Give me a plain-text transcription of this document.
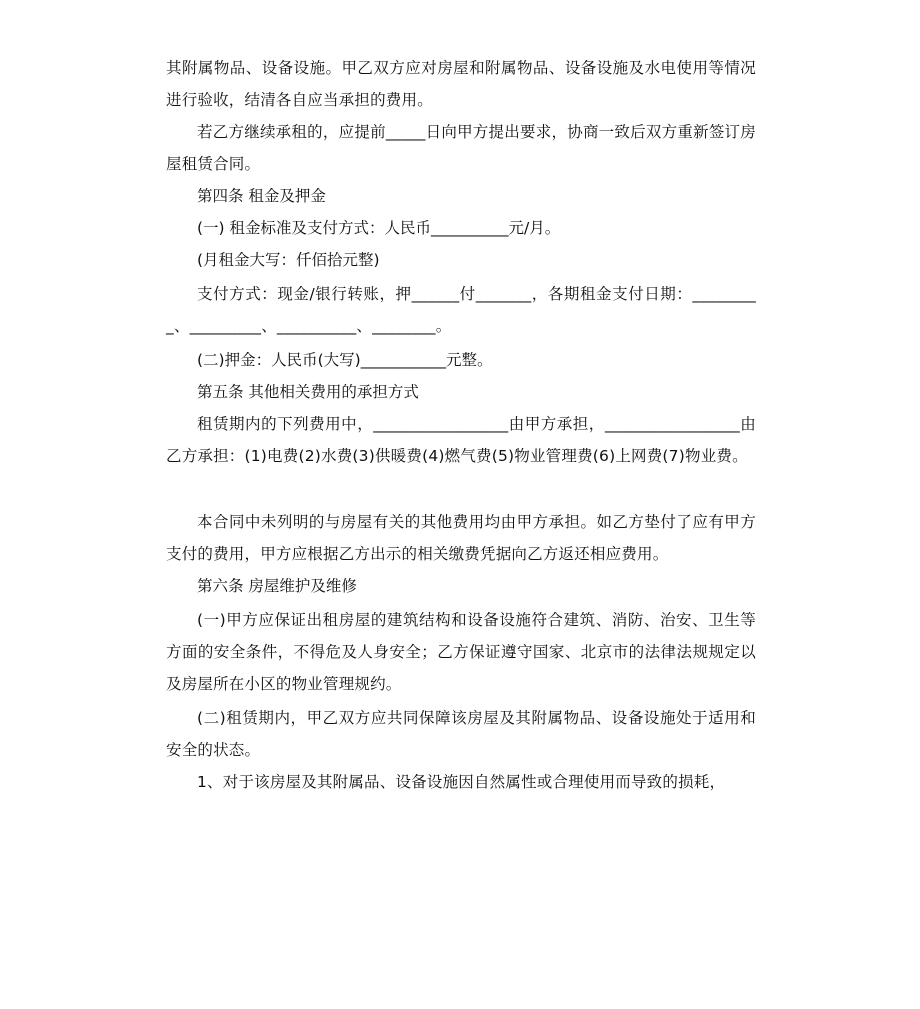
其附属物品、设备设施。甲乙双方应对房屋和附属物品、设备设施及水电使用等情况进行验收，结清各自应当承担的费用。

若乙方继续承租的，应提前_____日向甲方提出要求，协商一致后双方重新签订房屋租赁合同。

第四条 租金及押金

(一) 租金标准及支付方式：人民币__________元/月。

(月租金大写：仟佰拾元整)

支付方式：现金/银行转账，押______付_______，各期租金支付日期：_________、_________、__________、________。

(二)押金：人民币(大写)___________元整。

第五条 其他相关费用的承担方式

租赁期内的下列费用中，_________________由甲方承担，_________________由乙方承担：(1)电费(2)水费(3)供暖费(4)燃气费(5)物业管理费(6)上网费(7)物业费。

本合同中未列明的与房屋有关的其他费用均由甲方承担。如乙方垫付了应有甲方支付的费用，甲方应根据乙方出示的相关缴费凭据向乙方返还相应费用。

第六条 房屋维护及维修

(一)甲方应保证出租房屋的建筑结构和设备设施符合建筑、消防、治安、卫生等方面的安全条件，不得危及人身安全；乙方保证遵守国家、北京市的法律法规规定以及房屋所在小区的物业管理规约。

(二)租赁期内，甲乙双方应共同保障该房屋及其附属物品、设备设施处于适用和安全的状态。

1、对于该房屋及其附属品、设备设施因自然属性或合理使用而导致的损耗，
